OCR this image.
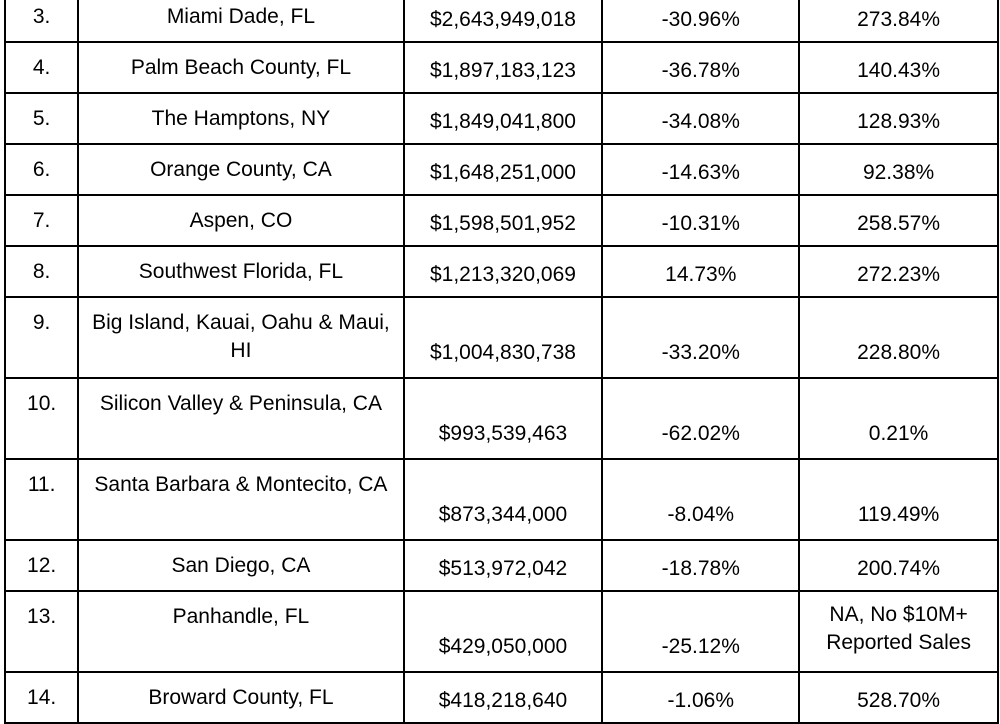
3.	Miami Dade, FL	$2,643,949,018	-30.96%	273.84%

4.	Palm Beach County, FL	$1,897,183,123	-36.78%	140.43%

5.	The Hamptons, NY	$1,849,041,800	-34.08%	128.93%

6.	Orange County, CA	$1,648,251,000	-14.63%	92.38%

7.	Aspen, CO	$1,598,501,952	-10.31%	258.57%

8.	Southwest Florida, FL	$1,213,320,069	14.73%	272.23%

9.	Big Island, Kauai, Oahu & Maui, HI	$1,004,830,738	-33.20%	228.80%

10.	Silicon Valley & Peninsula, CA	$993,539,463	-62.02%	0.21%

11.	Santa Barbara & Montecito, CA	$873,344,000	-8.04%	119.49%

12.	San Diego, CA	$513,972,042	-18.78%	200.74%

13.	Panhandle, FL	$429,050,000	-25.12%	NA, No $10M+ Reported Sales

14.	Broward County, FL	$418,218,640	-1.06%	528.70%
